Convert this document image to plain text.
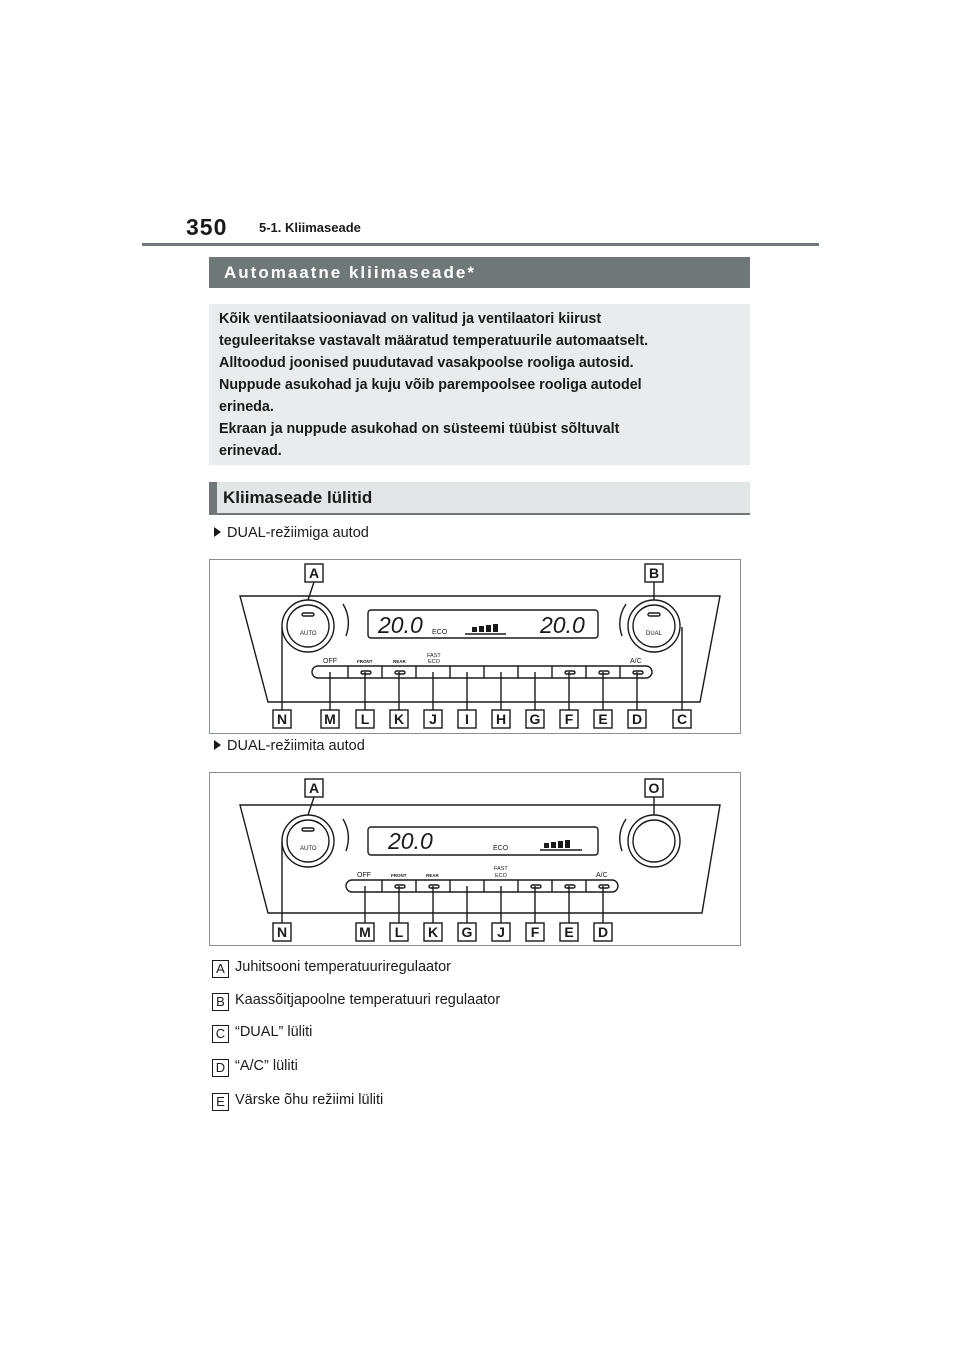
350 5-1. Kliimaseade
Automaatne kliimaseade*
Kõik ventilaatsiooniavad on valitud ja ventilaatori kiirust
teguleeritakse vastavalt määratud temperatuurile automaatselt.
Alltoodud joonised puudutavad vasakpoolse rooliga autosid.
Nuppude asukohad ja kuju võib parempoolsee rooliga autodel
erineda.
Ekraan ja nuppude asukohad on süsteemi tüübist sõltuvalt
erinevad.
Kliimaseade lülitid
DUAL-režiimiga autod
20.0	20.0
ECO
AUTO	DUAL
OFF	FRONT	REAR
FAST
ECO	A/C
A	B
N	M L K J I H G F E D C
DUAL-režiimita autod
20.0	ECO
AUTO
OFF	FRONT	REAR
FAST
ECO	A/C
A	O
N	M L K G J F E D
A Juhitsooni temperatuuriregulaator
B Kaassõitjapoolne temperatuuri regulaator
C “DUAL” lüliti
D “A/C” lüliti
E Värske õhu režiimi lüliti
